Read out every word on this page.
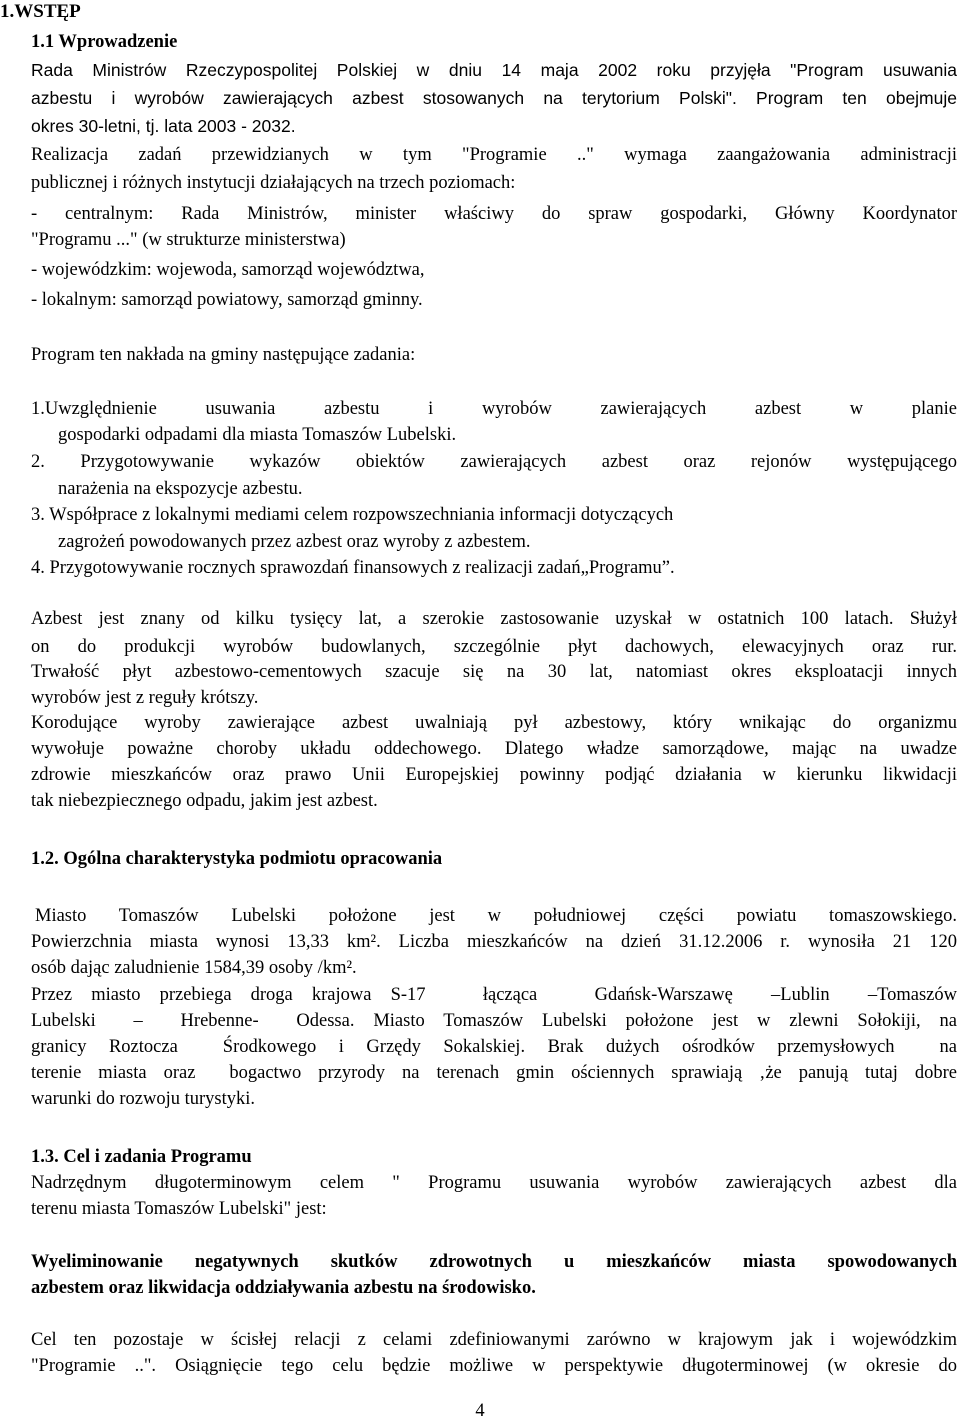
1.WSTĘP
1.1 Wprowadzenie
Rada Ministrów Rzeczypospolitej Polskiej w dniu 14 maja 2002 roku przyjęła "Program usuwania
azbestu i wyrobów zawierających azbest stosowanych na terytorium Polski". Program ten obejmuje
okres 30-letni, tj. lata 2003 - 2032.
Realizacja zadań przewidzianych w tym "Programie .." wymaga zaangażowania administracji
publicznej i różnych instytucji działających na trzech poziomach:
- centralnym: Rada Ministrów, minister właściwy do spraw gospodarki, Główny Koordynator
"Programu ..." (w strukturze ministerstwa)
- wojewódzkim: wojewoda, samorząd województwa,
- lokalnym: samorząd powiatowy, samorząd gminny.
Program ten nakłada na gminy następujące zadania:
1.Uwzględnienie usuwania azbestu i wyrobów zawierających azbest w planie
gospodarki odpadami dla miasta Tomaszów Lubelski.
2. Przygotowywanie wykazów obiektów zawierających azbest oraz rejonów występującego
narażenia na ekspozycje azbestu.
3. Współprace z lokalnymi mediami celem rozpowszechniania informacji dotyczących
zagrożeń powodowanych przez azbest oraz wyroby z azbestem.
4. Przygotowywanie rocznych sprawozdań finansowych z realizacji zadań„Programu”.
Azbest jest znany od kilku tysięcy lat, a szerokie zastosowanie uzyskał w ostatnich 100 latach. Służył
on do produkcji wyrobów budowlanych, szczególnie płyt dachowych, elewacyjnych oraz rur.
Trwałość płyt azbestowo-cementowych szacuje się na 30 lat, natomiast okres eksploatacji innych
wyrobów jest z reguły krótszy.
Korodujące wyroby zawierające azbest uwalniają pył azbestowy, który wnikając do organizmu
wywołuje poważne choroby układu oddechowego. Dlatego władze samorządowe, mając na uwadze
zdrowie mieszkańców oraz prawo Unii Europejskiej powinny podjąć działania w kierunku likwidacji
tak niebezpiecznego odpadu, jakim jest azbest.
1.2. Ogólna charakterystyka podmiotu opracowania
Miasto Tomaszów Lubelski położone jest w południowej części powiatu tomaszowskiego.
Powierzchnia miasta wynosi 13,33 km². Liczba mieszkańców na dzień 31.12.2006 r. wynosiła 21 120
osób dając zaludnienie 1584,39 osoby /km².
Przez miasto przebiega droga krajowa S-17   łącząca   Gdańsk-Warszawę  –Lublin  –Tomaszów
Lubelski  –  Hrebenne-  Odessa. Miasto Tomaszów Lubelski położone jest w zlewni Sołokiji, na
granicy Roztocza  Środkowego i Grzędy Sokalskiej. Brak dużych ośrodków przemysłowych  na
terenie miasta oraz  bogactwo przyrody na terenach gmin ościennych sprawiają ‚że panują tutaj dobre
warunki do rozwoju turystyki.
1.3. Cel i zadania Programu
Nadrzędnym długoterminowym celem " Programu usuwania wyrobów zawierających azbest dla
terenu miasta Tomaszów Lubelski" jest:
Wyeliminowanie negatywnych skutków zdrowotnych u mieszkańców miasta spowodowanych
azbestem oraz likwidacja oddziaływania azbestu na środowisko.
Cel ten pozostaje w ścisłej relacji z celami zdefiniowanymi zarówno w krajowym jak i wojewódzkim
"Programie ..". Osiągnięcie tego celu będzie możliwe w perspektywie długoterminowej (w okresie do
4
